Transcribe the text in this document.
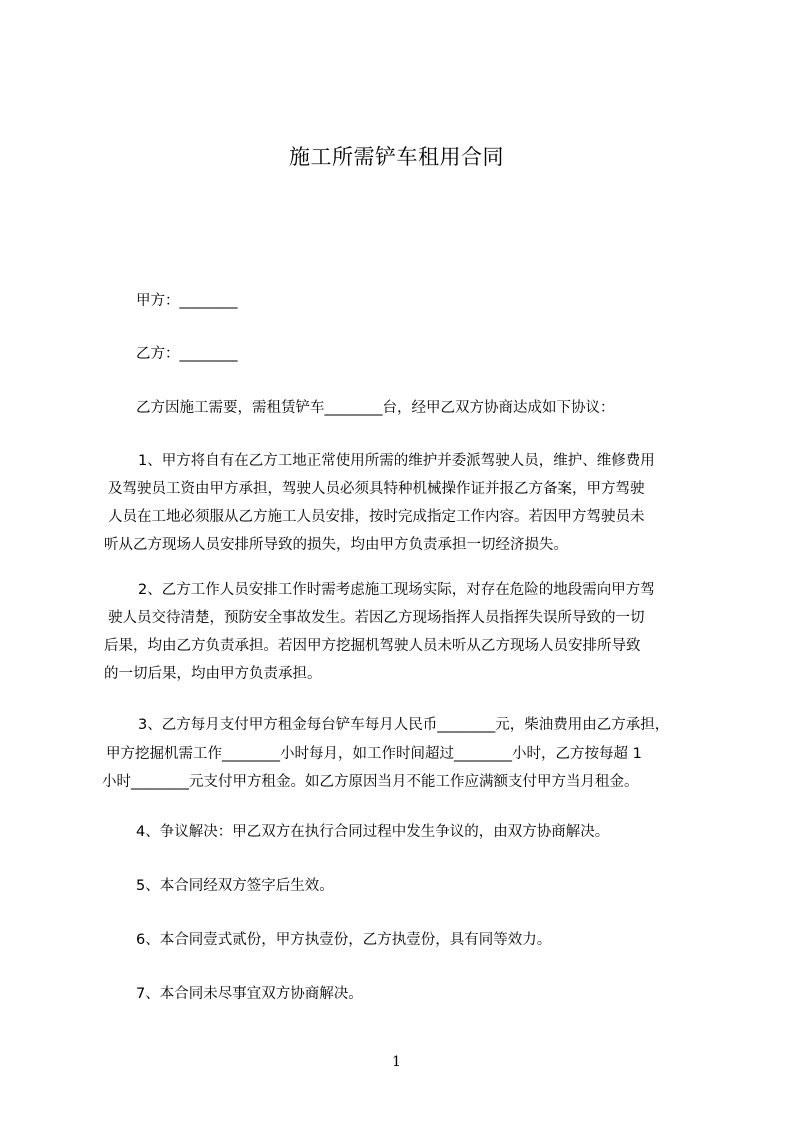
施工所需铲车租用合同
甲方：________
乙方：________
乙方因施工需要，需租赁铲车________台，经甲乙双方协商达成如下协议：
1、甲方将自有在乙方工地正常使用所需的维护并委派驾驶人员，维护、维修费用
及驾驶员工资由甲方承担，驾驶人员必须具特种机械操作证并报乙方备案，甲方驾驶
人员在工地必须服从乙方施工人员安排，按时完成指定工作内容。若因甲方驾驶员未
听从乙方现场人员安排所导致的损失，均由甲方负责承担一切经济损失。
2、乙方工作人员安排工作时需考虑施工现场实际，对存在危险的地段需向甲方驾
驶人员交待清楚，预防安全事故发生。若因乙方现场指挥人员指挥失误所导致的一切
后果，均由乙方负责承担。若因甲方挖掘机驾驶人员未听从乙方现场人员安排所导致
的一切后果，均由甲方负责承担。
3、乙方每月支付甲方租金每台铲车每月人民币________元，柴油费用由乙方承担，
甲方挖掘机需工作________小时每月，如工作时间超过________小时，乙方按每超 1
小时________元支付甲方租金。如乙方原因当月不能工作应满额支付甲方当月租金。
4、争议解决：甲乙双方在执行合同过程中发生争议的，由双方协商解决。
5、本合同经双方签字后生效。
6、本合同壹式贰份，甲方执壹份，乙方执壹份，具有同等效力。
7、本合同未尽事宜双方协商解决。
1
